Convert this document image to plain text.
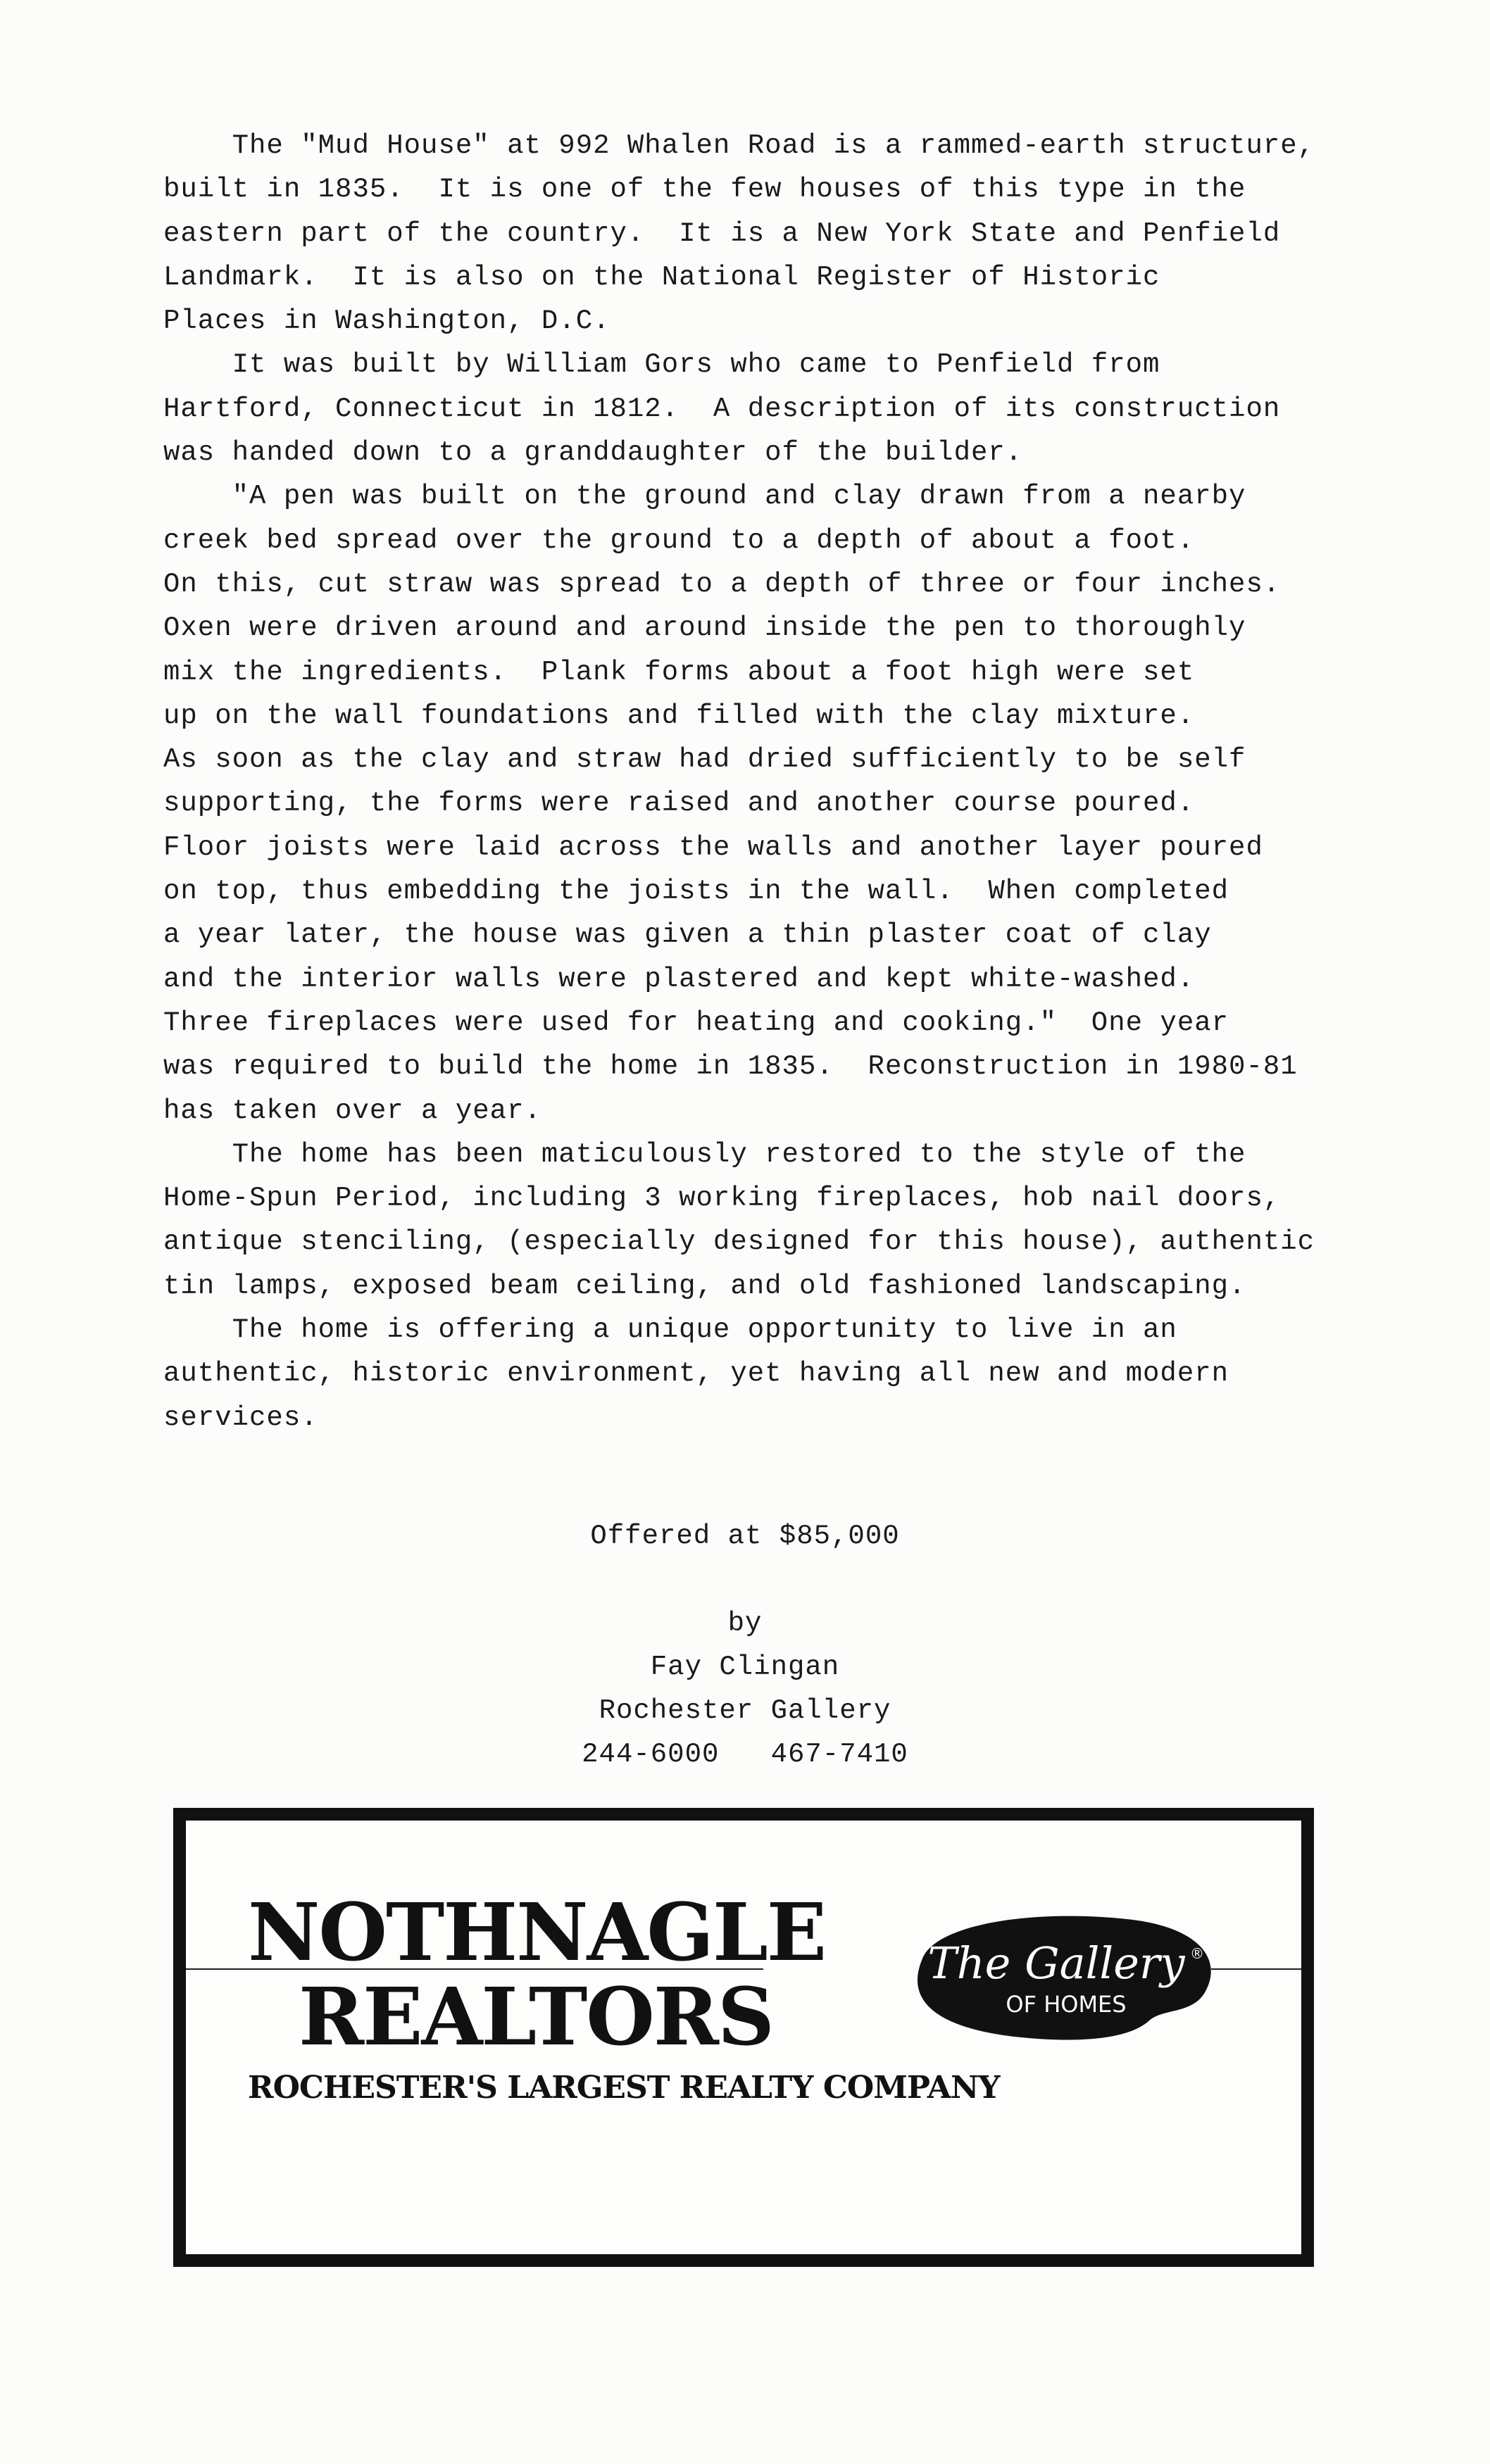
The "Mud House" at 992 Whalen Road is a rammed-earth structure,
built in 1835.  It is one of the few houses of this type in the
eastern part of the country.  It is a New York State and Penfield
Landmark.  It is also on the National Register of Historic
Places in Washington, D.C.
It was built by William Gors who came to Penfield from
Hartford, Connecticut in 1812.  A description of its construction
was handed down to a granddaughter of the builder.
"A pen was built on the ground and clay drawn from a nearby
creek bed spread over the ground to a depth of about a foot.
On this, cut straw was spread to a depth of three or four inches.
Oxen were driven around and around inside the pen to thoroughly
mix the ingredients.  Plank forms about a foot high were set
up on the wall foundations and filled with the clay mixture.
As soon as the clay and straw had dried sufficiently to be self
supporting, the forms were raised and another course poured.
Floor joists were laid across the walls and another layer poured
on top, thus embedding the joists in the wall.  When completed
a year later, the house was given a thin plaster coat of clay
and the interior walls were plastered and kept white-washed.
Three fireplaces were used for heating and cooking."  One year
was required to build the home in 1835.  Reconstruction in 1980-81
has taken over a year.
The home has been maticulously restored to the style of the
Home-Spun Period, including 3 working fireplaces, hob nail doors,
antique stenciling, (especially designed for this house), authentic
tin lamps, exposed beam ceiling, and old fashioned landscaping.
The home is offering a unique opportunity to live in an
authentic, historic environment, yet having all new and modern
services.
Offered at $85,000
by
Fay Clingan
Rochester Gallery
244-6000   467-7410
NOTHNAGLE
REALTORS
ROCHESTER'S LARGEST REALTY COMPANY
The Gallery
OF HOMES
®
